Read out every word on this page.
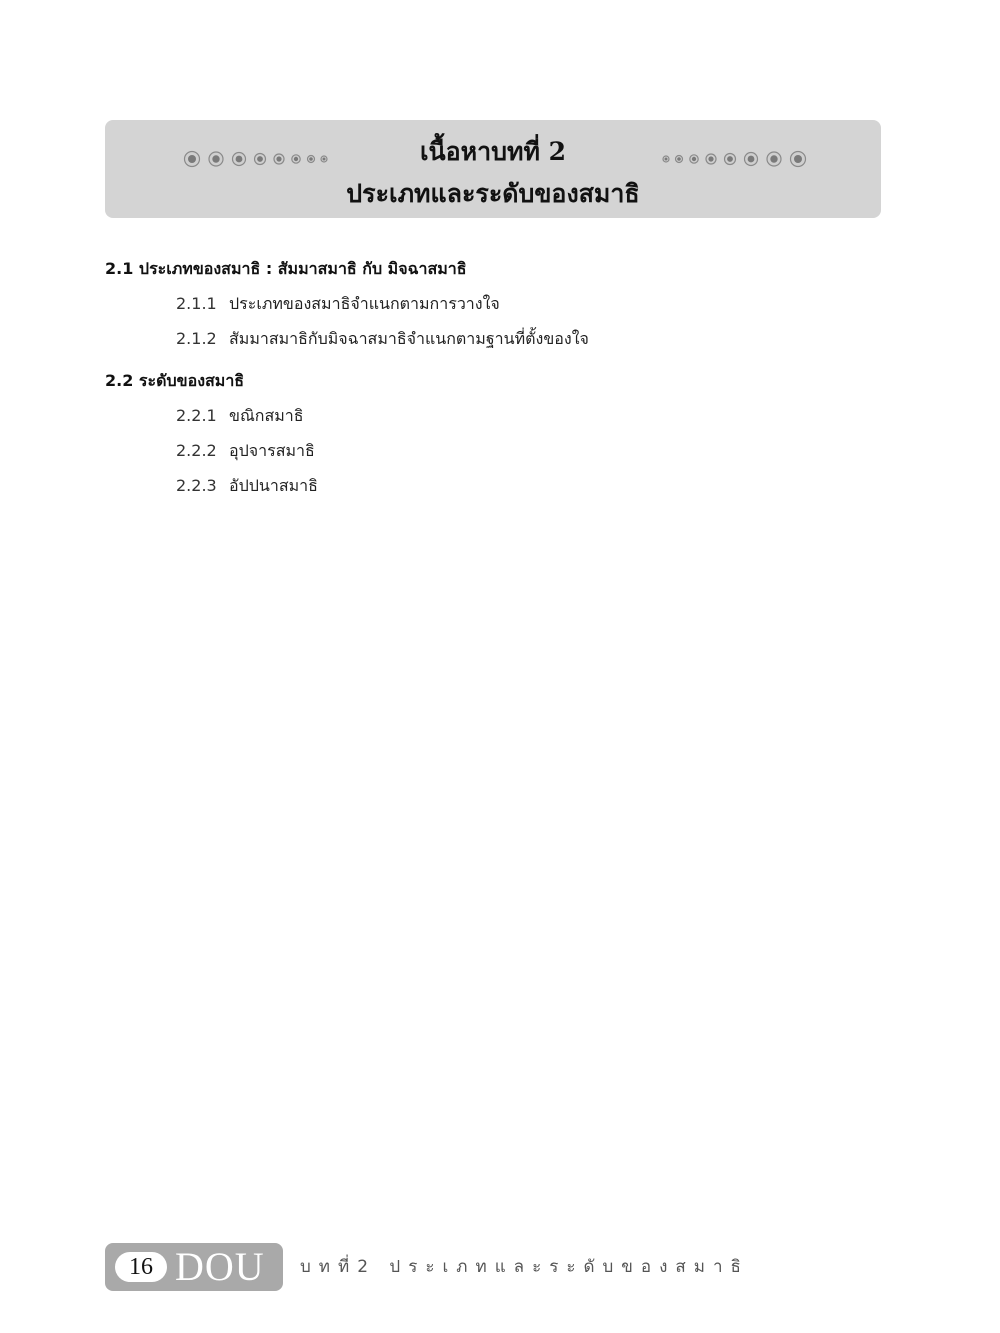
เนื้อหาบทที่ 2
ประเภทและระดับของสมาธิ
2.1 ประเภทของสมาธิ : สัมมาสมาธิ กับ มิจฉาสมาธิ
2.1.1 ประเภทของสมาธิจำแนกตามการวางใจ
2.1.2 สัมมาสมาธิกับมิจฉาสมาธิจำแนกตามฐานที่ตั้งของใจ
2.2 ระดับของสมาธิ
2.2.1 ขณิกสมาธิ
2.2.2 อุปจารสมาธิ
2.2.3 อัปปนาสมาธิ
16 DOU บทที่2 ประเภทและระดับของสมาธิ
